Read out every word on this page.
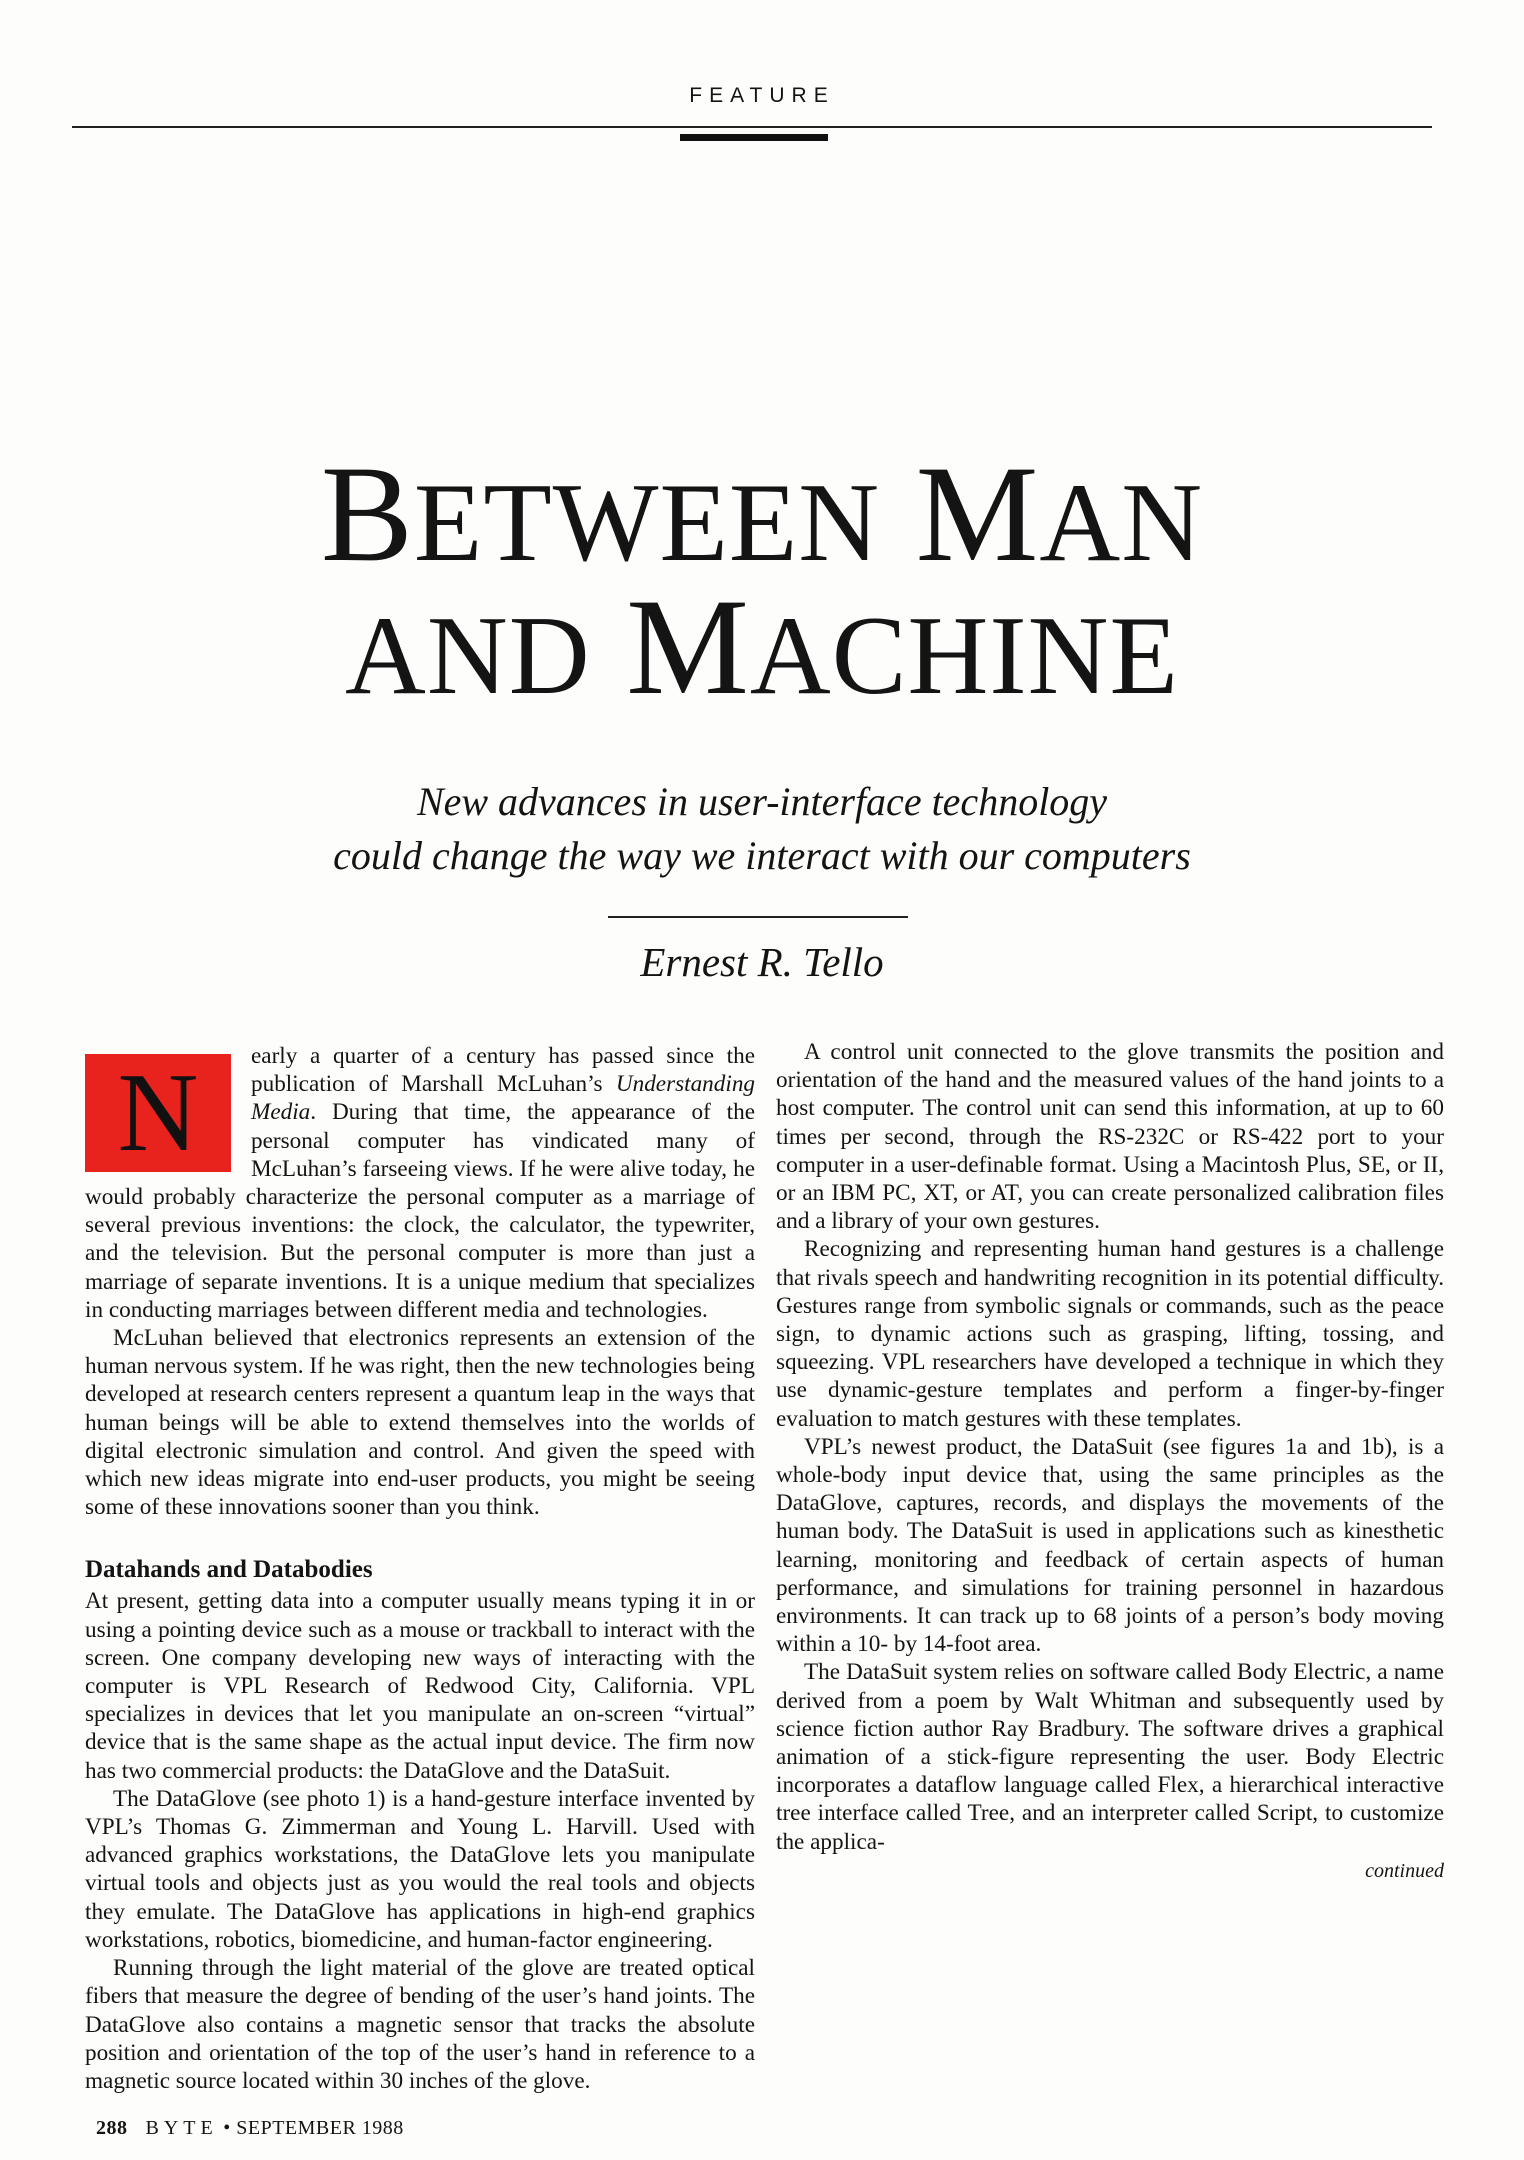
FEATURE
BETWEEN MAN
AND MACHINE

New advances in user-interface technology

could change the way we interact with our computers

Ernest R. Tello

N	early a quarter of a century has passed since the publication of Marshall McLuhan’s Understanding Media. During that time, the appearance of the personal computer has vindicated many of McLuhan’s farseeing views. If he were alive today, he would probably characterize the personal computer as a marriage of several previous inventions: the clock, the calculator, the typewriter, and the television. But the personal computer is more than just a marriage of separate inventions. It is a unique medium that specializes in conducting marriages between different media and technologies.

McLuhan believed that electronics represents an extension of the human nervous system. If he was right, then the new technologies being developed at research centers represent a quantum leap in the ways that human beings will be able to extend themselves into the worlds of digital electronic simulation and control. And given the speed with which new ideas migrate into end-user products, you might be seeing some of these innovations sooner than you think.

Datahands and Databodies

At present, getting data into a computer usually means typing it in or using a pointing device such as a mouse or trackball to interact with the screen. One company developing new ways of interacting with the computer is VPL Research of Redwood City, California. VPL specializes in devices that let you manipulate an on-screen “virtual” device that is the same shape as the actual input device. The firm now has two commercial products: the DataGlove and the DataSuit.

The DataGlove (see photo 1) is a hand-gesture interface invented by VPL’s Thomas G. Zimmerman and Young L. Harvill. Used with advanced graphics workstations, the DataGlove lets you manipulate virtual tools and objects just as you would the real tools and objects they emulate. The DataGlove has applications in high-end graphics workstations, robotics, biomedicine, and human-factor engineering.

Running through the light material of the glove are treated optical fibers that measure the degree of bending of the user’s hand joints. The DataGlove also contains a magnetic sensor that tracks the absolute position and orientation of the top of the user’s hand in reference to a magnetic source located within 30 inches of the glove.

A control unit connected to the glove transmits the position and orientation of the hand and the measured values of the hand joints to a host computer. The control unit can send this information, at up to 60 times per second, through the RS-232C or RS-422 port to your computer in a user-definable format. Using a Macintosh Plus, SE, or II, or an IBM PC, XT, or AT, you can create personalized calibration files and a library of your own gestures.

Recognizing and representing human hand gestures is a challenge that rivals speech and handwriting recognition in its potential difficulty. Gestures range from symbolic signals or commands, such as the peace sign, to dynamic actions such as grasping, lifting, tossing, and squeezing. VPL researchers have developed a technique in which they use dynamic-gesture templates and perform a finger-by-finger evaluation to match gestures with these templates.

VPL’s newest product, the DataSuit (see figures 1a and 1b), is a whole-body input device that, using the same principles as the DataGlove, captures, records, and displays the movements of the human body. The DataSuit is used in applications such as kinesthetic learning, monitoring and feedback of certain aspects of human performance, and simulations for training personnel in hazardous environments. It can track up to 68 joints of a person’s body moving within a 10- by 14-foot area.

The DataSuit system relies on software called Body Electric, a name derived from a poem by Walt Whitman and subsequently used by science fiction author Ray Bradbury. The software drives a graphical animation of a stick-figure representing the user. Body Electric incorporates a dataflow language called Flex, a hierarchical interactive tree interface called Tree, and an interpreter called Script, to customize the applica-

continued
288 BYTE • SEPTEMBER 1988
